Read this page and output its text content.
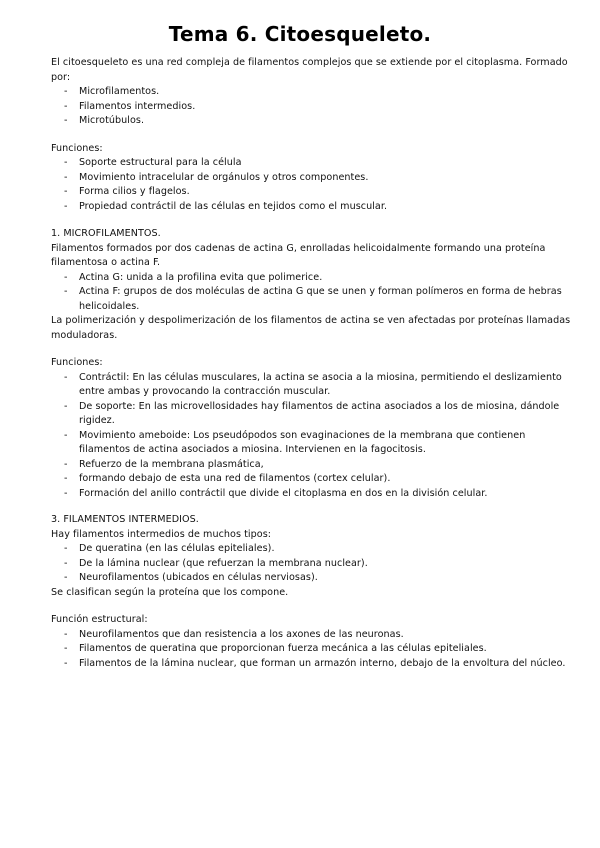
Tema 6. Citoesqueleto.

El citoesqueleto es una red compleja de filamentos complejos que se extiende por el citoplasma. Formado por:

- Microfilamentos.
- Filamentos intermedios.
- Microtúbulos.

Funciones:

- Soporte estructural para la célula
- Movimiento intracelular de orgánulos y otros componentes.
- Forma cilios y flagelos.
- Propiedad contráctil de las células en tejidos como el muscular.

1. MICROFILAMENTOS.

Filamentos formados por dos cadenas de actina G, enrolladas helicoidalmente formando una proteína filamentosa o actina F.

- Actina G: unida a la profilina evita que polimerice.
- Actina F: grupos de dos moléculas de actina G que se unen y forman polímeros en forma de hebras helicoidales.

La polimerización y despolimerización de los filamentos de actina se ven afectadas por proteínas llamadas moduladoras.

Funciones:

- Contráctil: En las células musculares, la actina se asocia a la miosina, permitiendo el deslizamiento entre ambas y provocando la contracción muscular.
- De soporte: En las microvellosidades hay filamentos de actina asociados a los de miosina, dándole rigidez.
- Movimiento ameboide: Los pseudópodos son evaginaciones de la membrana que contienen filamentos de actina asociados a miosina. Intervienen en la fagocitosis.
- Refuerzo de la membrana plasmática,
- formando debajo de esta una red de filamentos (cortex celular).
- Formación del anillo contráctil que divide el citoplasma en dos en la división celular.

3. FILAMENTOS INTERMEDIOS.

Hay filamentos intermedios de muchos tipos:

- De queratina (en las células epiteliales).
- De la lámina nuclear (que refuerzan la membrana nuclear).
- Neurofilamentos (ubicados en células nerviosas).

Se clasifican según la proteína que los compone.

Función estructural:

- Neurofilamentos que dan resistencia a los axones de las neuronas.
- Filamentos de queratina que proporcionan fuerza mecánica a las células epiteliales.
- Filamentos de la lámina nuclear, que forman un armazón interno, debajo de la envoltura del núcleo.
